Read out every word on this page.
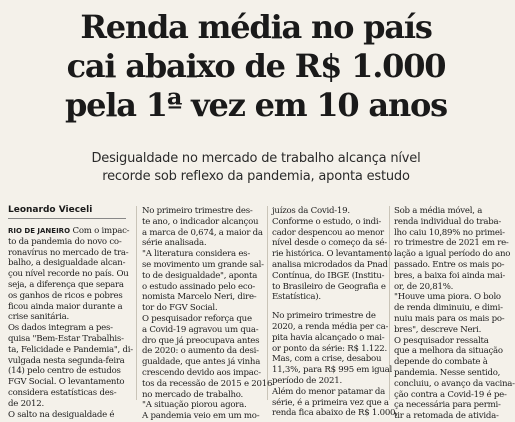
Renda média no país
cai abaixo de R$ 1.000
pela 1ª vez em 10 anos
Desigualdade no mercado de trabalho alcança nível
recorde sob reflexo da pandemia, aponta estudo
Leonardo Vieceli
RIO DE JANEIRO Com o impac-
to da pandemia do novo co-
ronavírus no mercado de tra-
balho, a desigualdade alcan-
çou nível recorde no país. Ou
seja, a diferença que separa
os ganhos de ricos e pobres
ficou ainda maior durante a
crise sanitária.
Os dados integram a pes-
quisa "Bem-Estar Trabalhis-
ta, Felicidade e Pandemia", di-
vulgada nesta segunda-feira
(14) pelo centro de estudos
FGV Social. O levantamento
considera estatísticas des-
de 2012.
O salto na desigualdade é
No primeiro trimestre des-
te ano, o indicador alcançou
a marca de 0,674, a maior da
série analisada.
"A literatura considera es-
se movimento um grande sal-
to de desigualdade", aponta
o estudo assinado pelo eco-
nomista Marcelo Neri, dire-
tor do FGV Social.
O pesquisador reforça que
a Covid-19 agravou um qua-
dro que já preocupava antes
de 2020: o aumento da desi-
gualdade, que antes já vinha
crescendo devido aos impac-
tos da recessão de 2015 e 2016
no mercado de trabalho.
"A situação piorou agora.
A pandemia veio em um mo-
juízos da Covid-19.
Conforme o estudo, o indi-
cador despencou ao menor
nível desde o começo da sé-
rie histórica. O levantamento
analisa microdados da Pnad
Contínua, do IBGE (Institu-
to Brasileiro de Geografia e
Estatística).
No primeiro trimestre de
2020, a renda média per ca-
pita havia alcançado o mai-
or ponto da série: R$ 1.122.
Mas, com a crise, desabou
11,3%, para R$ 995 em igual
período de 2021.
Além do menor patamar da
série, é a primeira vez que a
renda fica abaixo de R$ 1.000,
Sob a média móvel, a
renda individual do traba-
lho caiu 10,89% no primei-
ro trimestre de 2021 em re-
lação a igual período do ano
passado. Entre os mais po-
bres, a baixa foi ainda mai-
or, de 20,81%.
"Houve uma piora. O bolo
de renda diminuiu, e dimi-
nuiu mais para os mais po-
bres", descreve Neri.
O pesquisador ressalta
que a melhora da situação
depende do combate à
pandemia. Nesse sentido,
concluiu, o avanço da vacina-
ção contra a Covid-19 é pe-
ça necessária para permi-
tir a retomada de ativida-
